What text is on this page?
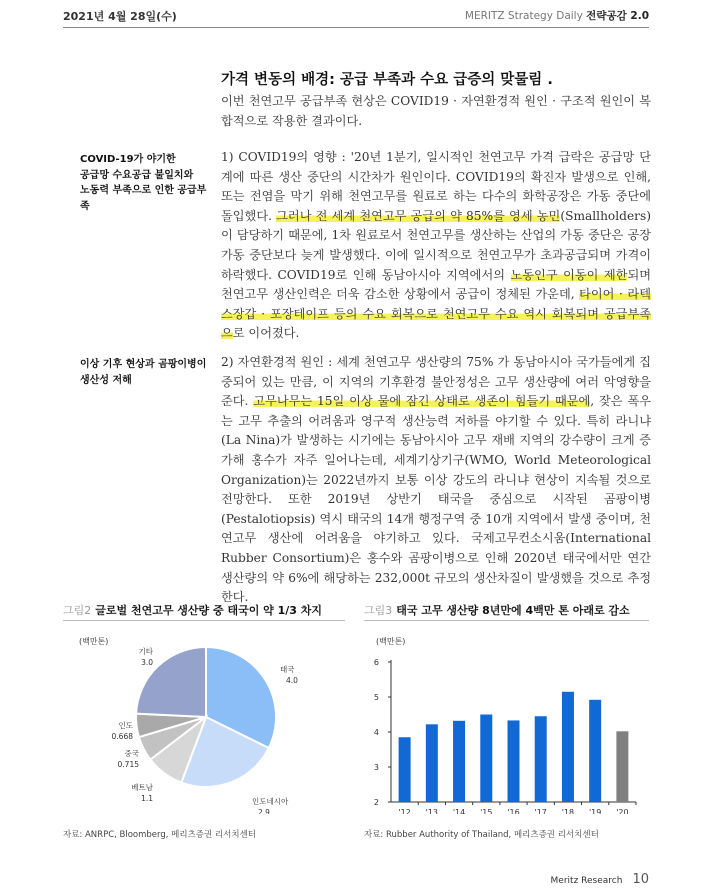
2021년 4월 28일(수)	MERITZ Strategy Daily 전략공감 2.0
가격 변동의 배경: 공급 부족과 수요 급증의 맞물림 .
이번 천연고무 공급부족 현상은 COVID19 · 자연환경적 원인 · 구조적 원인이 복합적으로 작용한 결과이다.
COVID-19가 야기한
공급망 수요공급 불일치와
노동력 부족으로 인한 공급부족
1) COVID19의 영향 : '20년 1분기, 일시적인 천연고무 가격 급락은 공급망 단계에 따른 생산 중단의 시간차가 원인이다. COVID19의 확진자 발생으로 인해, 또는 전염을 막기 위해 천연고무를 원료로 하는 다수의 화학공장은 가동 중단에 돌입했다. 그러나 전 세계 천연고무 공급의 약 85%를 영세 농민(Smallholders)이 담당하기 때문에, 1차 원료로서 천연고무를 생산하는 산업의 가동 중단은 공장 가동 중단보다 늦게 발생했다. 이에 일시적으로 천연고무가 초과공급되며 가격이 하락했다. COVID19로 인해 동남아시아 지역에서의 노동인구 이동이 제한되며 천연고무 생산인력은 더욱 감소한 상황에서 공급이 정체된 가운데, 타이어 · 라텍스장갑 · 포장테이프 등의 수요 회복으로 천연고무 수요 역시 회복되며 공급부족으로 이어졌다.
이상 기후 현상과 곰팡이병이
생산성 저해
2) 자연환경적 원인 : 세계 천연고무 생산량의 75% 가 동남아시아 국가들에게 집중되어 있는 만큼, 이 지역의 기후환경 불안정성은 고무 생산량에 여러 악영향을 준다. 고무나무는 15일 이상 물에 잠긴 상태로 생존이 힘들기 때문에, 잦은 폭우는 고무 추출의 어려움과 영구적 생산능력 저하를 야기할 수 있다. 특히 라니냐(La Nina)가 발생하는 시기에는 동남아시아 고무 재배 지역의 강수량이 크게 증가해 홍수가 자주 일어나는데, 세계기상기구(WMO, World Meteorological Organization)는 2022년까지 보통 이상 강도의 라니냐 현상이 지속될 것으로 전망한다. 또한 2019년 상반기 태국을 중심으로 시작된 곰팡이병(Pestalotiopsis) 역시 태국의 14개 행정구역 중 10개 지역에서 발생 중이며, 천연고무 생산에 어려움을 야기하고 있다. 국제고무컨소시움(International Rubber Consortium)은 홍수와 곰팡이병으로 인해 2020년 태국에서만 연간 생산량의 약 6%에 해당하는 232,000t 규모의 생산차질이 발생했을 것으로 추정한다.
그림2 글로벌 천연고무 생산량 중 태국이 약 1/3 차지
(백만톤)
태국
4.0
인도네시아
2.9
베트남
1.1
중국
0.715
인도
0.668
기타
3.0
자료: ANRPC, Bloomberg, 메리츠증권 리서치센터
그림3 태국 고무 생산량 8년만에 4백만 톤 아래로 감소
(백만톤)
2
3
4
5
6
'12 '13 '14 '15 '16 '17 '18 '19 '20
자료: Rubber Authority of Thailand, 메리츠증권 리서치센터
Meritz Research 10
